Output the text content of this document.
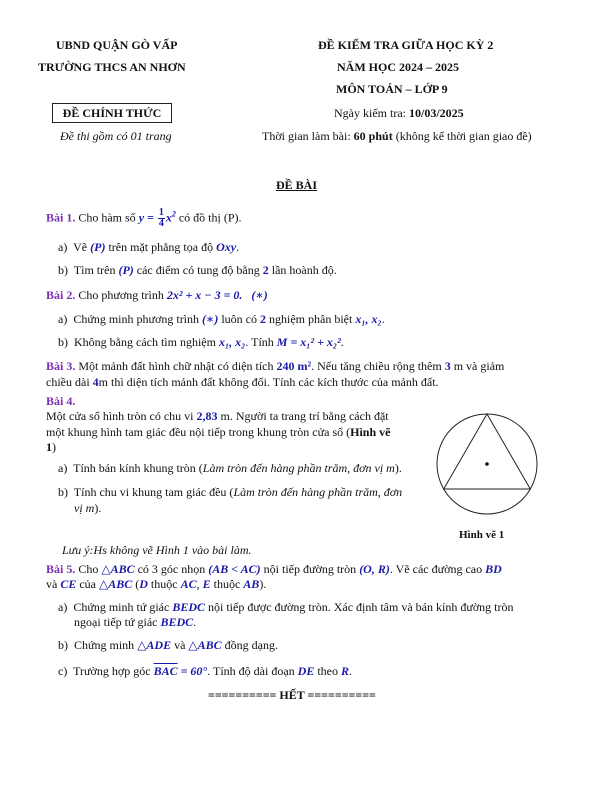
UBND QUẬN GÒ VẤP
TRƯỜNG THCS AN NHƠN
ĐỀ KIỂM TRA GIỮA HỌC KỲ 2
NĂM HỌC 2024 – 2025
MÔN TOÁN – LỚP 9
ĐỀ CHÍNH THỨC	Ngày kiểm tra: 10/03/2025
Đề thi gồm có 01 trang	Thời gian làm bài: 60 phút (không kể thời gian giao đề)
ĐỀ BÀI
Bài 1. Cho hàm số $y = \frac{1}{4} x^2$ có đồ thị (P).
a) Vẽ (P) trên mặt phẳng tọa độ Oxy.
b) Tìm trên (P) các điểm có tung độ bằng 2 lần hoành độ.
Bài 2. Cho phương trình 2x² + x − 3 = 0. (∗)
a) Chứng minh phương trình (∗) luôn có 2 nghiệm phân biệt x₁, x₂.
b) Không bằng cách tìm nghiệm x₁, x₂. Tính M = x₁² + x₂².
Bài 3. Một mảnh đất hình chữ nhật có diện tích 240 m². Nếu tăng chiều rộng thêm 3 m và giảm
chiều dài 4m thì diện tích mảnh đất không đổi. Tính các kích thước của mảnh đất.
Bài 4.
Một cửa sổ hình tròn có chu vi 2,83 m. Người ta trang trí bằng cách đặt
một khung hình tam giác đều nội tiếp trong khung tròn cửa sổ (Hình vẽ
1)
a) Tính bán kính khung tròn (Làm tròn đến hàng phần trăm, đơn vị m).
b) Tính chu vi khung tam giác đều (Làm tròn đến hàng phần trăm, đơn
vị m).
Hình vẽ 1
Lưu ý:Hs không vẽ Hình 1 vào bài làm.
Bài 5. Cho △ABC có 3 góc nhọn (AB < AC) nội tiếp đường tròn (O, R). Vẽ các đường cao BD
và CE của △ABC (D thuộc AC, E thuộc AB).
a) Chứng minh tứ giác BEDC nội tiếp được đường tròn. Xác định tâm và bán kính đường tròn
ngoại tiếp tứ giác BEDC.
b) Chứng minh △ADE và △ABC đồng dạng.
c) Trường hợp góc $\overline{BAC} = 60^\circ$. Tính độ dài đoạn DE theo R.
========== HẾT ==========
